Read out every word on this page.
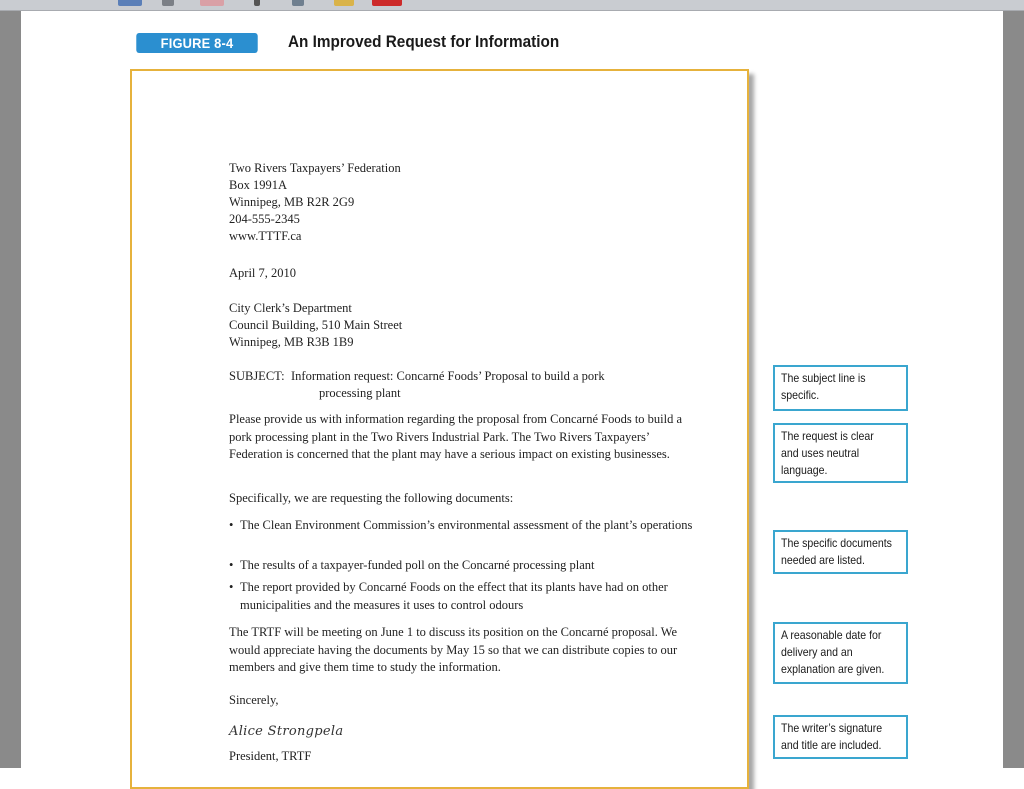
FIGURE 8-4	An Improved Request for Information
Two Rivers Taxpayers’ Federation
Box 1991A
Winnipeg, MB R2R 2G9
204-555-2345
www.TTTF.ca
April 7, 2010
City Clerk’s Department
Council Building, 510 Main Street
Winnipeg, MB R3B 1B9
SUBJECT: Information request: Concarné Foods’ Proposal to build a pork
processing plant
Please provide us with information regarding the proposal from Concarné Foods to build a pork processing plant in the Two Rivers Industrial Park. The Two Rivers Taxpayers’ Federation is concerned that the plant may have a serious impact on existing businesses.
Specifically, we are requesting the following documents:
• The Clean Environment Commission’s environmental assessment of the plant’s operations
• The results of a taxpayer-funded poll on the Concarné processing plant
• The report provided by Concarné Foods on the effect that its plants have had on other municipalities and the measures it uses to control odours
The TRTF will be meeting on June 1 to discuss its position on the Concarné proposal. We would appreciate having the documents by May 15 so that we can distribute copies to our members and give them time to study the information.
Sincerely,
Alice Strongpela
President, TRTF
The subject line is
specific.
The request is clear
and uses neutral
language.
The specific documents
needed are listed.
A reasonable date for
delivery and an
explanation are given.
The writer’s signature
and title are included.
